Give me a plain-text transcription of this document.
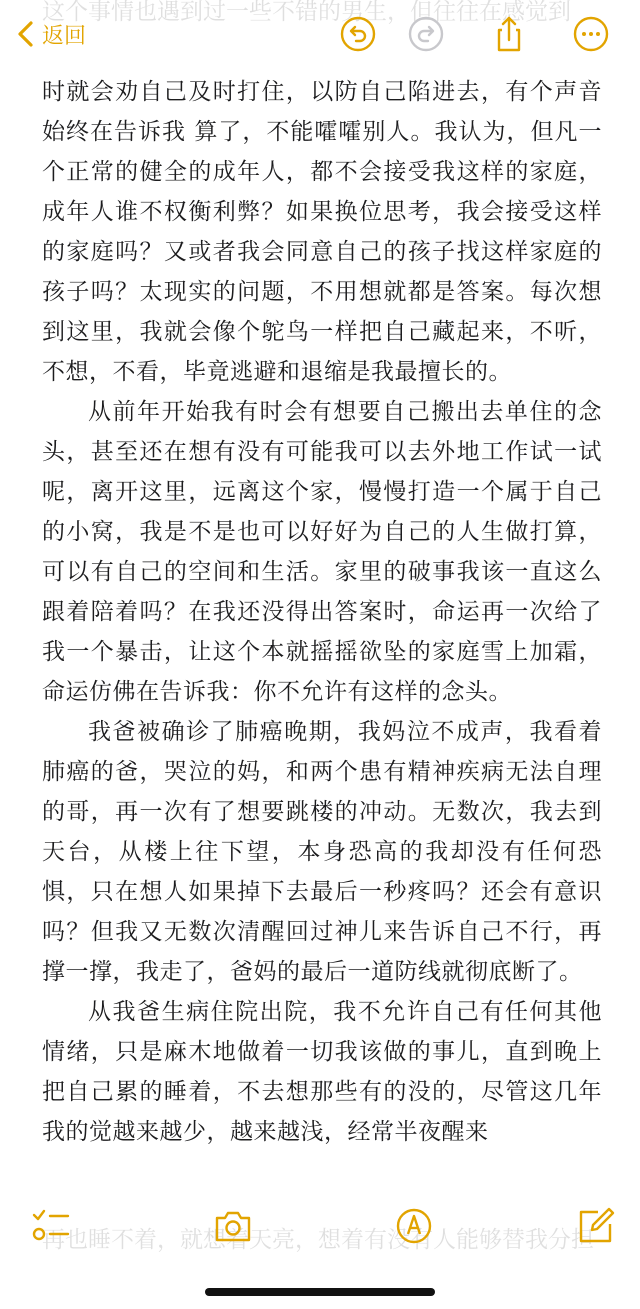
这个事情也遇到过一些不错的男生，但往往在感觉到
返回

时就会劝自己及时打住，以防自己陷进去，有个声音始终在告诉我 算了，不能嚯嚯别人。我认为，但凡一个正常的健全的成年人，都不会接受我这样的家庭，成年人谁不权衡利弊？如果换位思考，我会接受这样的家庭吗？又或者我会同意自己的孩子找这样家庭的孩子吗？太现实的问题，不用想就都是答案。每次想到这里，我就会像个鸵鸟一样把自己藏起来，不听，不想，不看，毕竟逃避和退缩是我最擅长的。

从前年开始我有时会有想要自己搬出去单住的念头，甚至还在想有没有可能我可以去外地工作试一试呢，离开这里，远离这个家，慢慢打造一个属于自己的小窝，我是不是也可以好好为自己的人生做打算，可以有自己的空间和生活。家里的破事我该一直这么跟着陪着吗？在我还没得出答案时，命运再一次给了我一个暴击，让这个本就摇摇欲坠的家庭雪上加霜，命运仿佛在告诉我：你不允许有这样的念头。

我爸被确诊了肺癌晚期，我妈泣不成声，我看着肺癌的爸，哭泣的妈，和两个患有精神疾病无法自理的哥，再一次有了想要跳楼的冲动。无数次，我去到天台，从楼上往下望，本身恐高的我却没有任何恐惧，只在想人如果掉下去最后一秒疼吗？还会有意识吗？但我又无数次清醒回过神儿来告诉自己不行，再撑一撑，我走了，爸妈的最后一道防线就彻底断了。

从我爸生病住院出院，我不允许自己有任何其他情绪，只是麻木地做着一切我该做的事儿，直到晚上把自己累的睡着，不去想那些有的没的，尽管这几年我的觉越来越少，越来越浅，经常半夜醒来

再也睡不着，就想着天亮，想着有没有人能够替我分担
